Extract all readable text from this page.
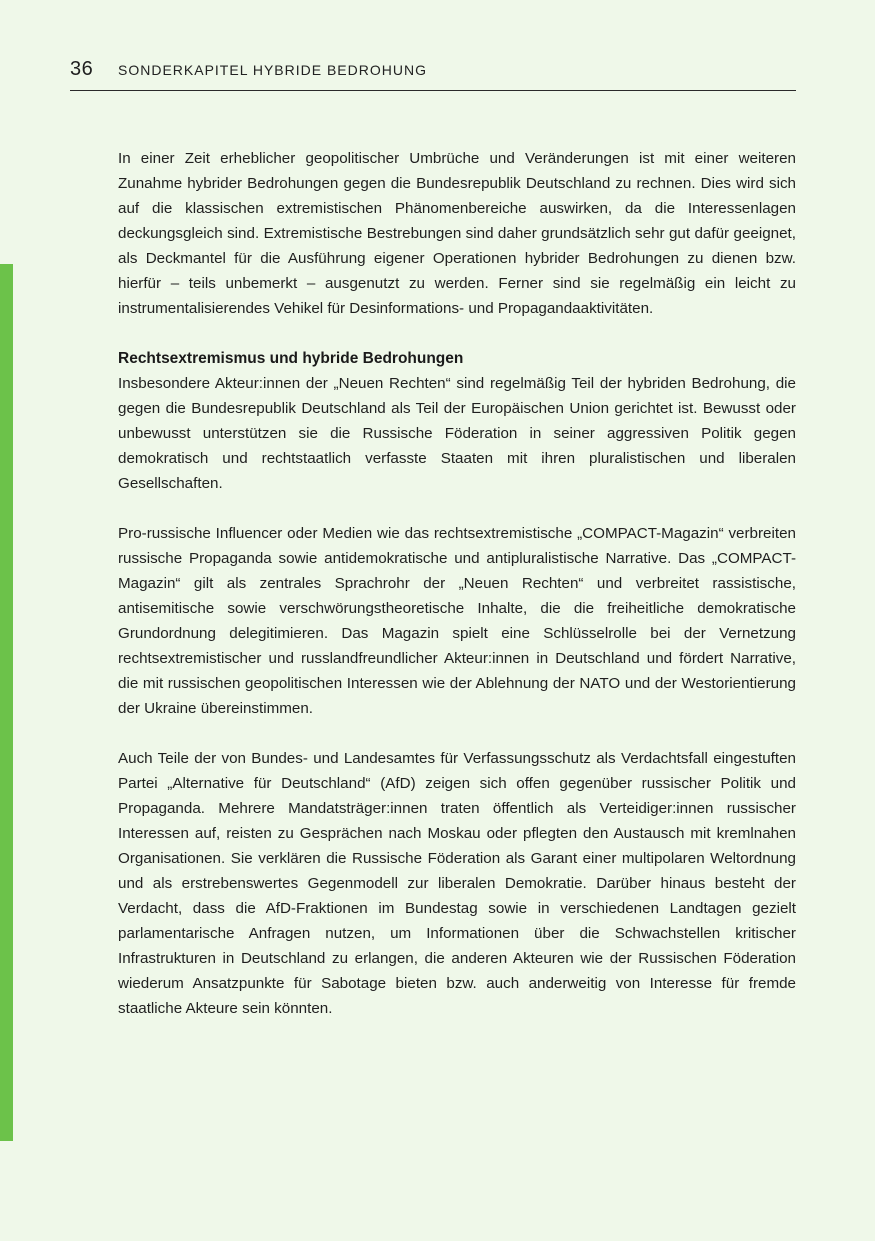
36 SONDERKAPITEL HYBRIDE BEDROHUNG

In einer Zeit erheblicher geopolitischer Umbrüche und Veränderungen ist mit einer weiteren Zunahme hybrider Bedrohungen gegen die Bundesrepublik Deutschland zu rechnen. Dies wird sich auf die klassischen extremistischen Phänomenbereiche auswirken, da die Interessenlagen deckungsgleich sind. Extremistische Bestrebungen sind daher grundsätzlich sehr gut dafür geeignet, als Deckmantel für die Ausführung eigener Operationen hybrider Bedrohungen zu dienen bzw. hierfür – teils unbemerkt – ausgenutzt zu werden. Ferner sind sie regelmäßig ein leicht zu instrumentalisierendes Vehikel für Desinformations- und Propagandaaktivitäten.

Rechtsextremismus und hybride Bedrohungen

Insbesondere Akteur:innen der „Neuen Rechten“ sind regelmäßig Teil der hybriden Bedrohung, die gegen die Bundesrepublik Deutschland als Teil der Europäischen Union gerichtet ist. Bewusst oder unbewusst unterstützen sie die Russische Föderation in seiner aggressiven Politik gegen demokratisch und rechtstaatlich verfasste Staaten mit ihren pluralistischen und liberalen Gesellschaften.

Pro-russische Influencer oder Medien wie das rechtsextremistische „COMPACT-Magazin“ verbreiten russische Propaganda sowie antidemokratische und antipluralistische Narrative. Das „COMPACT-Magazin“ gilt als zentrales Sprachrohr der „Neuen Rechten“ und verbreitet rassistische, antisemitische sowie verschwörungstheoretische Inhalte, die die freiheitliche demokratische Grundordnung delegitimieren. Das Magazin spielt eine Schlüsselrolle bei der Vernetzung rechtsextremistischer und russlandfreundlicher Akteur:innen in Deutschland und fördert Narrative, die mit russischen geopolitischen Interessen wie der Ablehnung der NATO und der Westorientierung der Ukraine übereinstimmen.

Auch Teile der von Bundes- und Landesamtes für Verfassungsschutz als Verdachtsfall eingestuften Partei „Alternative für Deutschland“ (AfD) zeigen sich offen gegenüber russischer Politik und Propaganda. Mehrere Mandatsträger:innen traten öffentlich als Verteidiger:innen russischer Interessen auf, reisten zu Gesprächen nach Moskau oder pflegten den Austausch mit kremlnahen Organisationen. Sie verklären die Russische Föderation als Garant einer multipolaren Weltordnung und als erstrebenswertes Gegenmodell zur liberalen Demokratie. Darüber hinaus besteht der Verdacht, dass die AfD-Fraktionen im Bundestag sowie in verschiedenen Landtagen gezielt parlamentarische Anfragen nutzen, um Informationen über die Schwachstellen kritischer Infrastrukturen in Deutschland zu erlangen, die anderen Akteuren wie der Russischen Föderation wiederum Ansatzpunkte für Sabotage bieten bzw. auch anderweitig von Interesse für fremde staatliche Akteure sein könnten.
